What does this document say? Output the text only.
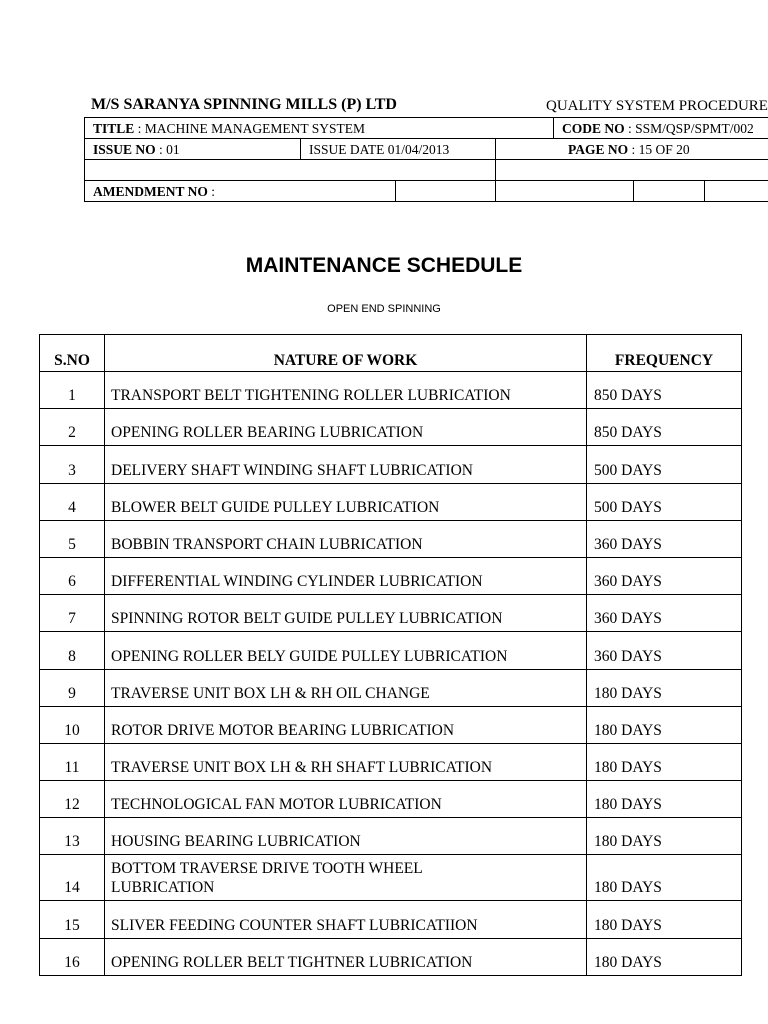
M/S SARANYA SPINNING MILLS (P) LTD	QUALITY SYSTEM PROCEDURE
TITLE : MACHINE MANAGEMENT SYSTEM				CODE NO : SSM/QSP/SPMT/002		
ISSUE NO : 01	ISSUE DATE 01/04/2013		PAGE NO : 15 OF 20			

AMENDMENT NO :						
MAINTENANCE SCHEDULE
OPEN END SPINNING
S.NO	NATURE OF WORK	FREQUENCY
1	TRANSPORT BELT TIGHTENING ROLLER LUBRICATION	850 DAYS
2	OPENING ROLLER BEARING LUBRICATION	850 DAYS
3	DELIVERY SHAFT WINDING SHAFT LUBRICATION	500 DAYS
4	BLOWER BELT GUIDE PULLEY LUBRICATION	500 DAYS
5	BOBBIN TRANSPORT CHAIN LUBRICATION	360 DAYS
6	DIFFERENTIAL WINDING CYLINDER LUBRICATION	360 DAYS
7	SPINNING ROTOR BELT GUIDE PULLEY LUBRICATION	360 DAYS
8	OPENING ROLLER BELY GUIDE PULLEY LUBRICATION	360 DAYS
9	TRAVERSE UNIT BOX LH & RH OIL CHANGE	180 DAYS
10	ROTOR DRIVE MOTOR BEARING LUBRICATION	180 DAYS
11	TRAVERSE UNIT BOX LH & RH SHAFT LUBRICATION	180 DAYS
12	TECHNOLOGICAL FAN MOTOR LUBRICATION	180 DAYS
13	HOUSING BEARING LUBRICATION	180 DAYS
14	BOTTOM TRAVERSE DRIVE TOOTH WHEEL LUBRICATION	180 DAYS
15	SLIVER FEEDING COUNTER SHAFT LUBRICATIION	180 DAYS
16	OPENING ROLLER BELT TIGHTNER LUBRICATION	180 DAYS
